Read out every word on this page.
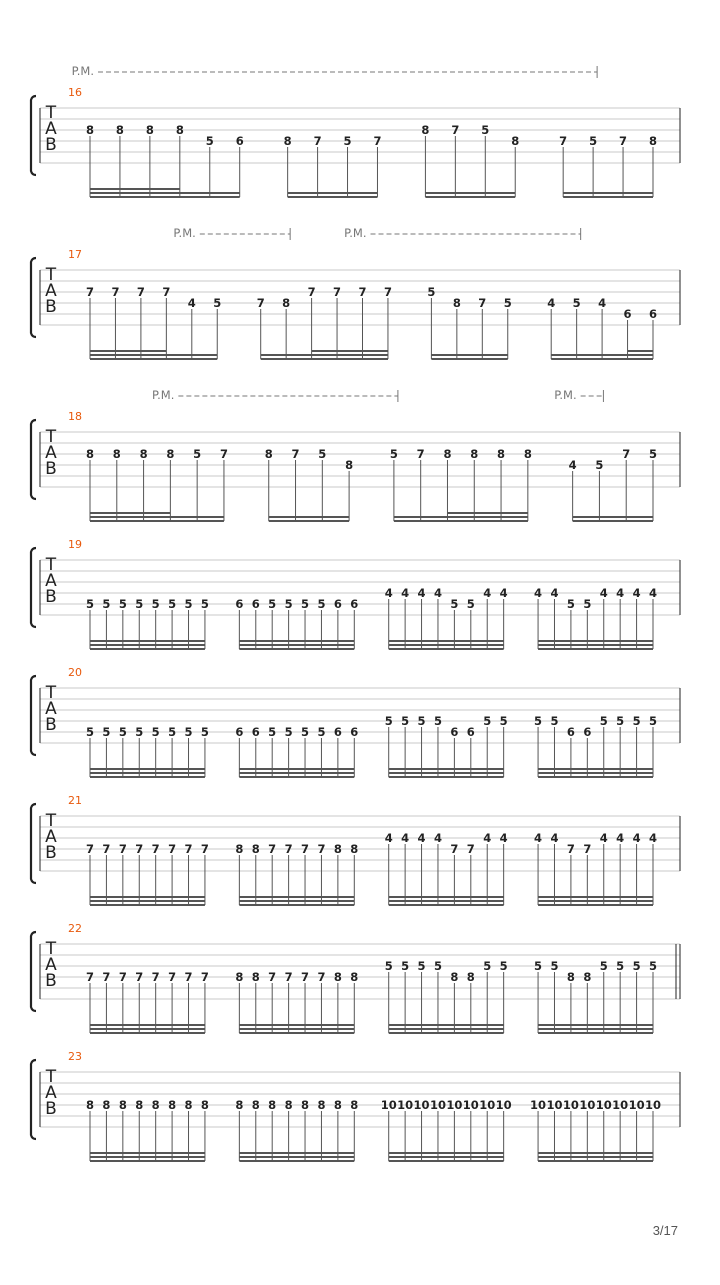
T
A
B
16
8 8 8 8
5 6	8 7 5 7
8 7 5
8	7 5 7 8
P.M.
T
A
B
17
7 7 7 7
4 5	7 8
7 7 7 7	5
8 7 5	4 5 4
6 6
P.M.	P.M.
T
A
B
18
8 8 8 8 5 7	8 7 5
8
5 7 8 8 8 8
4 5
7 5
P.M.	P.M.
T
A
B
19
5 5 5 5 5 5 5 5 6 6 5 5 5 5 6 6
4 4 4 4
5 5
4 4 4 4
5 5
4 4 4 4
T
A
B
20
5 5 5 5 5 5 5 5 6 6 5 5 5 5 6 6
5 5 5 5
6 6
5 5 5 5
6 6
5 5 5 5
T
A
B
21
7 7 7 7 7 7 7 7 8 8 7 7 7 7 8 8
4 4 4 4
7 7
4 4 4 4
7 7
4 4 4 4
T
A
B
22
7 7 7 7 7 7 7 7 8 8 7 7 7 7 8 8
5 5 5 5
8 8
5 5 5 5
8 8
5 5 5 5
T
A
B
23
8 8 8 8 8 8 8 8 8 8 8 8 8 8 8 8 10 10 10 10 10 10 10 10 10 10 10 10 10 10 10 10
3/17
